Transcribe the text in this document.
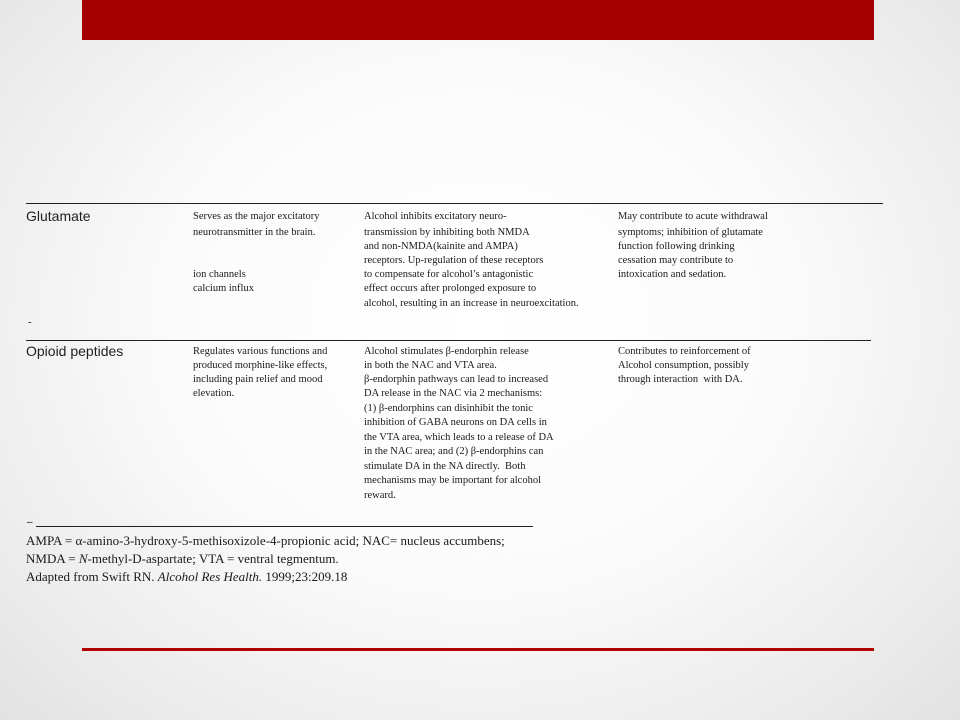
Glutamate	Serves as the major excitatory
neurotransmitter in the brain.
ion channels
calcium influx
Alcohol inhibits excitatory neuro-
transmission by inhibiting both NMDA
and non-NMDA(kainite and AMPA)
receptors. Up-regulation of these receptors
to compensate for alcohol’s antagonistic
effect occurs after prolonged exposure to
alcohol, resulting in an increase in neuroexcitation.
May contribute to acute withdrawal
symptoms; inhibition of glutamate
function following drinking
cessation may contribute to
intoxication and sedation.
-
Opioid peptides	Regulates various functions and
produced morphine-like effects,
including pain relief and mood
elevation.
Alcohol stimulates β-endorphin release
in both the NAC and VTA area.
β-endorphin pathways can lead to increased
DA release in the NAC via 2 mechanisms:
(1) β-endorphins can disinhibit the tonic
inhibition of GABA neurons on DA cells in
the VTA area, which leads to a release of DA
in the NAC area; and (2) β-endorphins can
stimulate DA in the NA directly.  Both
mechanisms may be important for alcohol
reward.
Contributes to reinforcement of
Alcohol consumption, possibly
through interaction  with DA.
_
AMPA = α-amino-3-hydroxy-5-methisoxizole-4-propionic acid; NAC= nucleus accumbens;
NMDA = N-methyl-D-aspartate; VTA = ventral tegmentum.
Adapted from Swift RN. Alcohol Res Health. 1999;23:209.18
